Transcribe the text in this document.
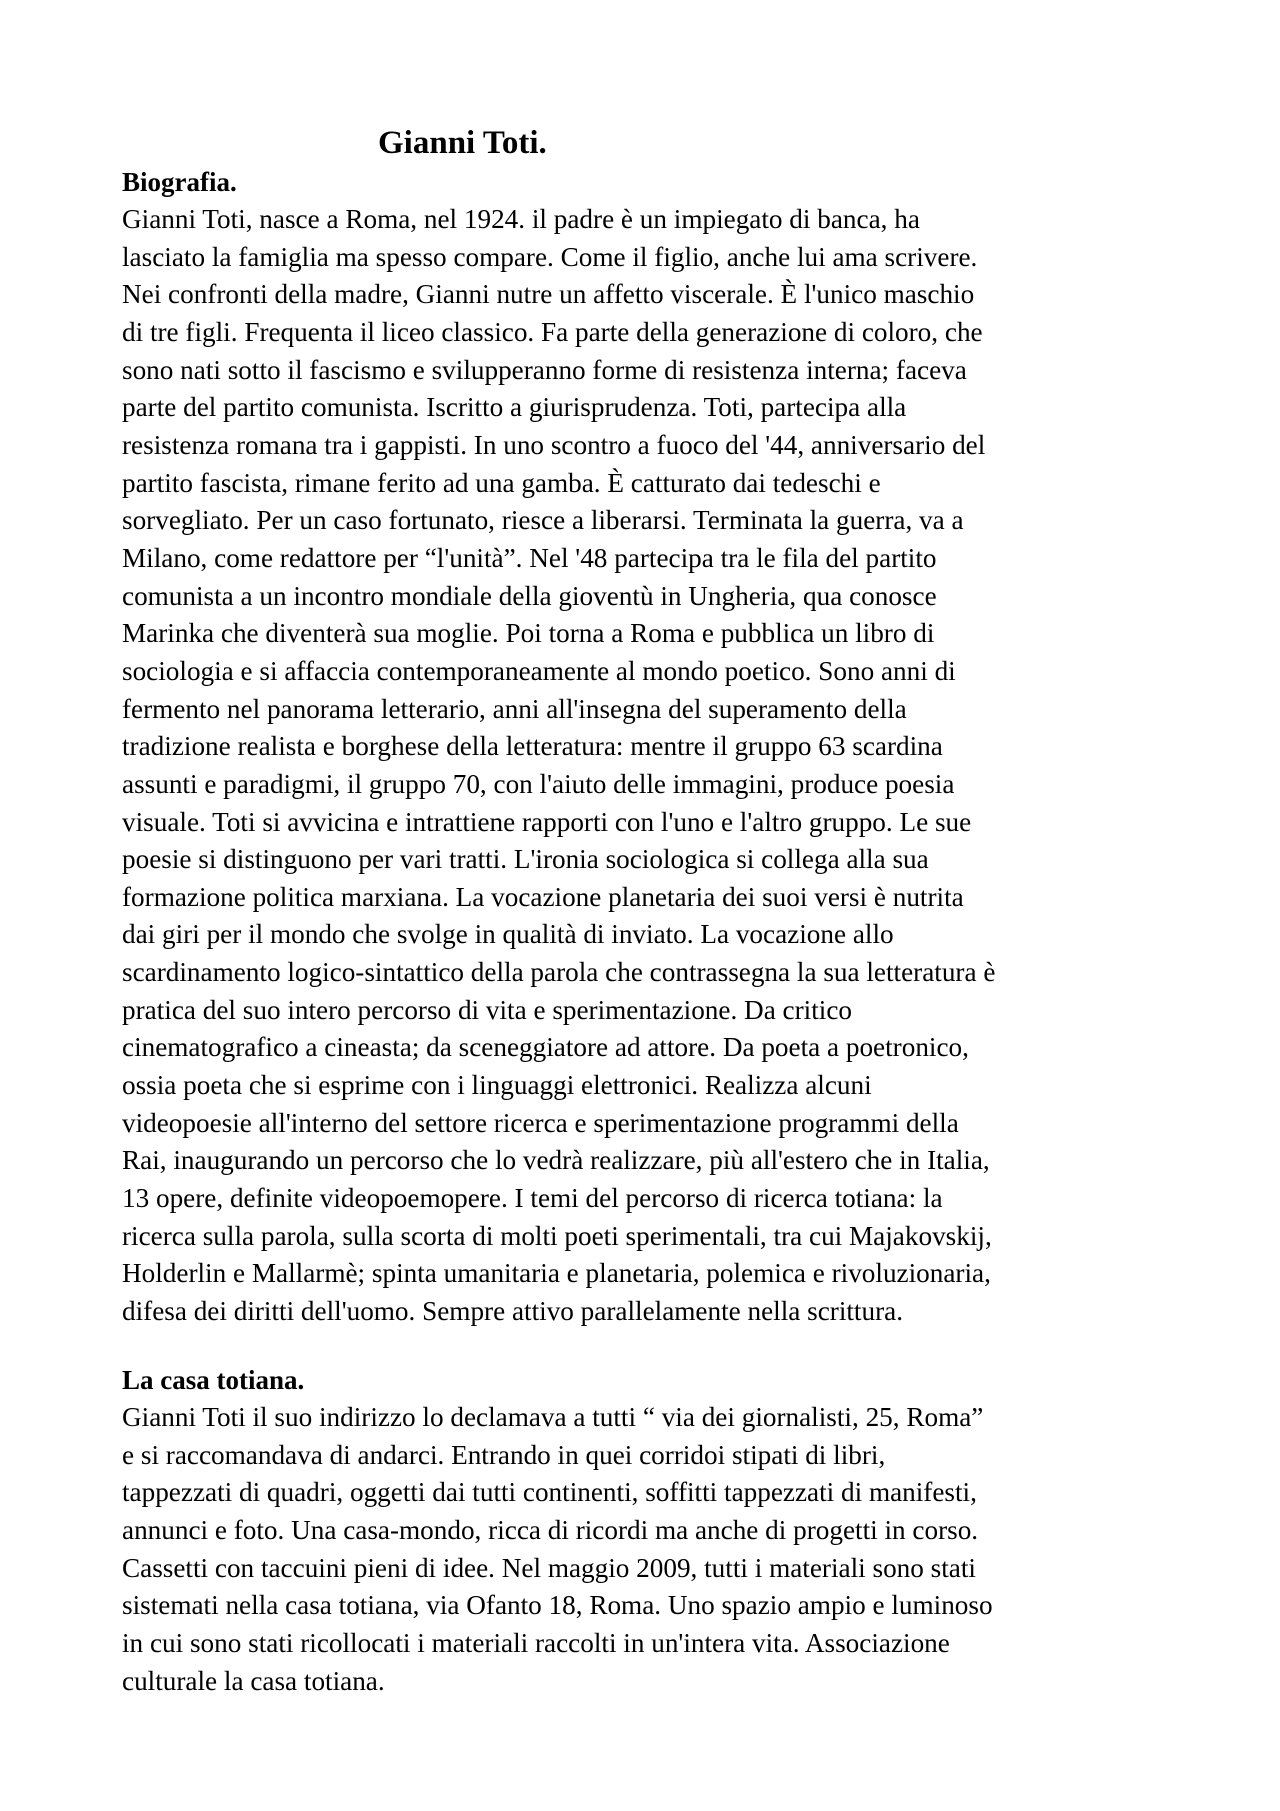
Gianni Toti.
Biografia.

Gianni Toti, nasce a Roma, nel 1924. il padre è un impiegato di banca, ha

lasciato la famiglia ma spesso compare. Come il figlio, anche lui ama scrivere.

Nei confronti della madre, Gianni nutre un affetto viscerale. È l'unico maschio

di tre figli. Frequenta il liceo classico. Fa parte della generazione di coloro, che

sono nati sotto il fascismo e svilupperanno forme di resistenza interna; faceva

parte del partito comunista. Iscritto a giurisprudenza. Toti, partecipa alla

resistenza romana tra i gappisti. In uno scontro a fuoco del '44, anniversario del

partito fascista, rimane ferito ad una gamba. È catturato dai tedeschi e

sorvegliato. Per un caso fortunato, riesce a liberarsi. Terminata la guerra, va a

Milano, come redattore per “l'unità”. Nel '48 partecipa tra le fila del partito

comunista a un incontro mondiale della gioventù in Ungheria, qua conosce

Marinka che diventerà sua moglie. Poi torna a Roma e pubblica un libro di

sociologia e si affaccia contemporaneamente al mondo poetico. Sono anni di

fermento nel panorama letterario, anni all'insegna del superamento della

tradizione realista e borghese della letteratura: mentre il gruppo 63 scardina

assunti e paradigmi, il gruppo 70, con l'aiuto delle immagini, produce poesia

visuale. Toti si avvicina e intrattiene rapporti con l'uno e l'altro gruppo. Le sue

poesie si distinguono per vari tratti. L'ironia sociologica si collega alla sua

formazione politica marxiana. La vocazione planetaria dei suoi versi è nutrita

dai giri per il mondo che svolge in qualità di inviato. La vocazione allo

scardinamento logico-sintattico della parola che contrassegna la sua letteratura è

pratica del suo intero percorso di vita e sperimentazione. Da critico

cinematografico a cineasta; da sceneggiatore ad attore. Da poeta a poetronico,

ossia poeta che si esprime con i linguaggi elettronici. Realizza alcuni

videopoesie all'interno del settore ricerca e sperimentazione programmi della

Rai, inaugurando un percorso che lo vedrà realizzare, più all'estero che in Italia,

13 opere, definite videopoemopere. I temi del percorso di ricerca totiana: la

ricerca sulla parola, sulla scorta di molti poeti sperimentali, tra cui Majakovskij,

Holderlin e Mallarmè; spinta umanitaria e planetaria, polemica e rivoluzionaria,

difesa dei diritti dell'uomo. Sempre attivo parallelamente nella scrittura.

La casa totiana.

Gianni Toti il suo indirizzo lo declamava a tutti “ via dei giornalisti, 25, Roma”

e si raccomandava di andarci. Entrando in quei corridoi stipati di libri,

tappezzati di quadri, oggetti dai tutti continenti, soffitti tappezzati di manifesti,

annunci e foto. Una casa-mondo, ricca di ricordi ma anche di progetti in corso.

Cassetti con taccuini pieni di idee. Nel maggio 2009, tutti i materiali sono stati

sistemati nella casa totiana, via Ofanto 18, Roma. Uno spazio ampio e luminoso

in cui sono stati ricollocati i materiali raccolti in un'intera vita. Associazione

culturale la casa totiana.
